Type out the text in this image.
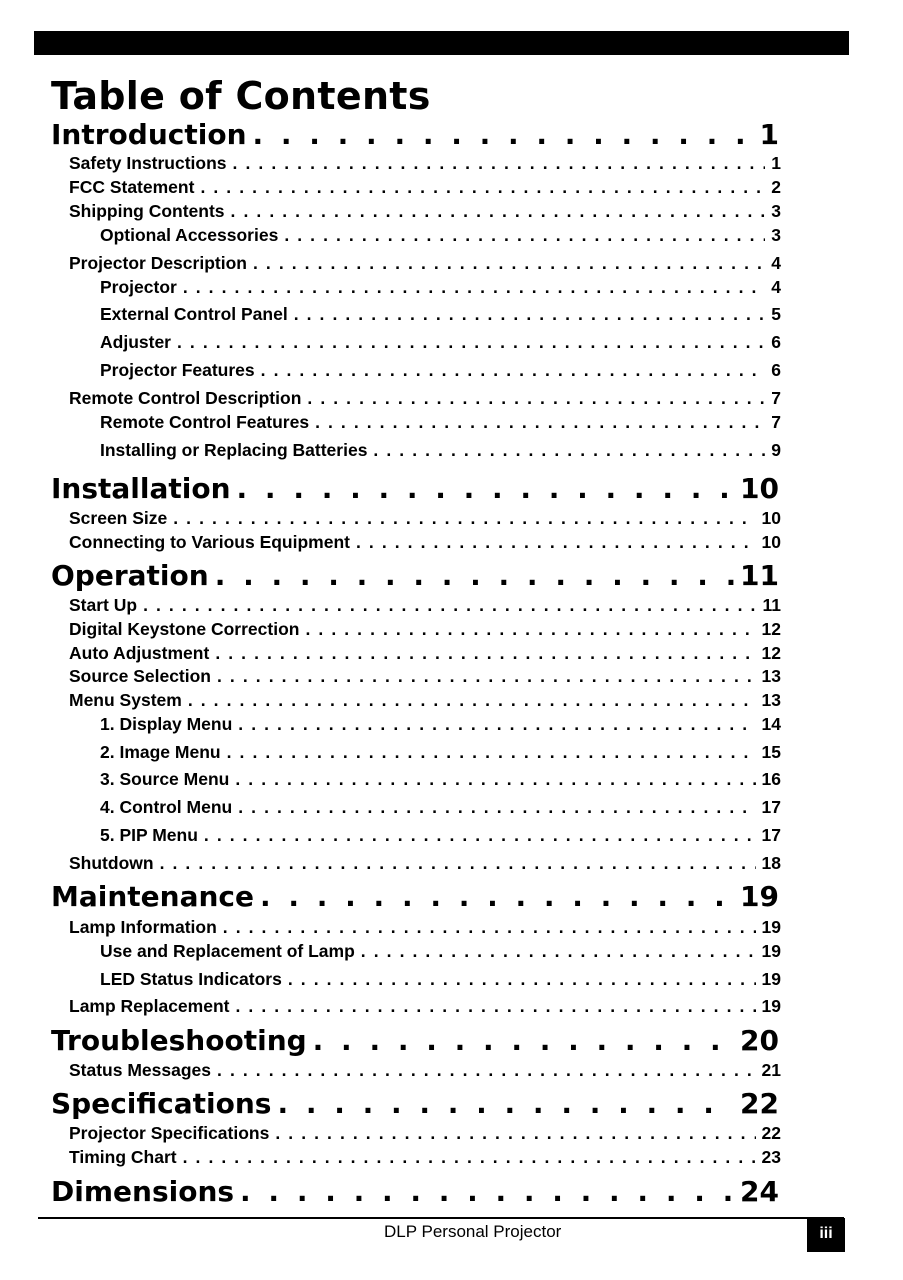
Table of Contents
Introduction . . .	1
Safety Instructions . . .	1
FCC Statement . . .	2
Shipping Contents . . .	3
Optional Accessories . . .	3
Projector Description . . .	4
Projector . . .	4
External Control Panel . . .	5
Adjuster . . .	6
Projector Features . . .	6
Remote Control Description . . .	7
Remote Control Features . . .	7
Installing or Replacing Batteries . . .	9
Installation . . .	10
Screen Size . . .	10
Connecting to Various Equipment . . .	10
Operation . . .	11
Start Up . . .	11
Digital Keystone Correction . . .	12
Auto Adjustment . . .	12
Source Selection . . .	13
Menu System . . .	13
1. Display Menu . . .	14
2. Image Menu . . .	15
3. Source Menu . . .	16
4. Control Menu . . .	17
5. PIP Menu . . .	17
Shutdown . . .	18
Maintenance . . .	19
Lamp Information . . .	19
Use and Replacement of Lamp . . .	19
LED Status Indicators . . .	19
Lamp Replacement . . .	19
Troubleshooting . . .	20
Status Messages . . .	21
Specifications . . .	22
Projector Specifications . . .	22
Timing Chart . . .	23
Dimensions . . .	24
DLP Personal Projector	iii
